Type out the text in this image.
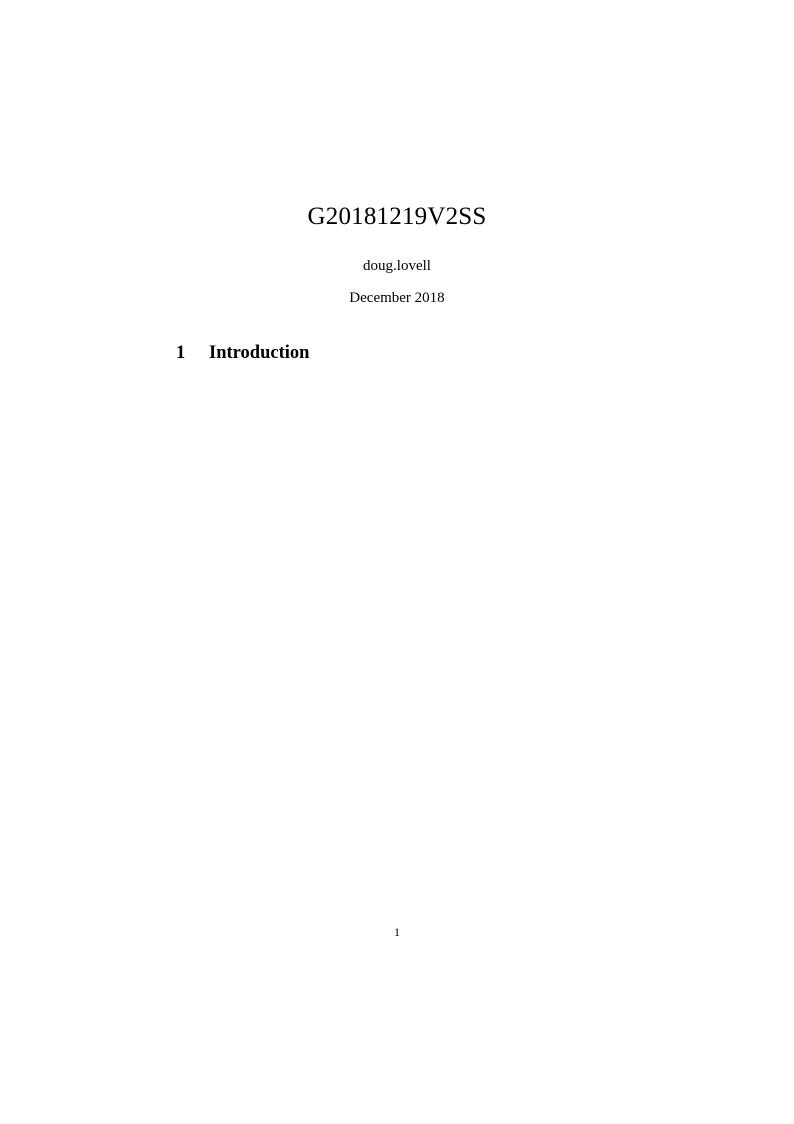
G20181219V2SS
doug.lovell
December 2018
1 Introduction
1
